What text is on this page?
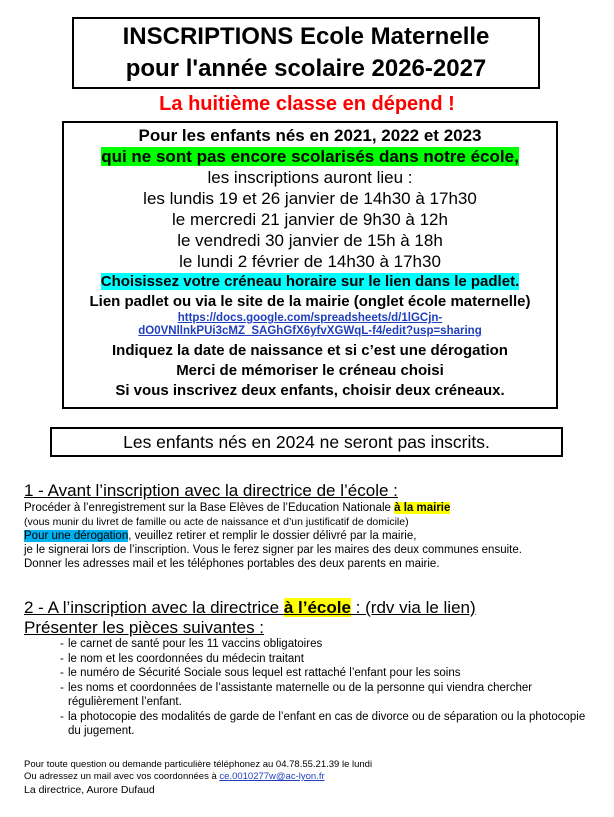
INSCRIPTIONS Ecole Maternelle
pour l'année scolaire 2026-2027
La huitième classe en dépend !
Pour les enfants nés en 2021, 2022 et 2023
qui ne sont pas encore scolarisés dans notre école,
les inscriptions auront lieu :
les lundis 19 et 26 janvier de 14h30 à 17h30
le mercredi 21 janvier de 9h30 à 12h
le vendredi 30 janvier de 15h à 18h
le lundi 2 février de 14h30 à 17h30
Choisissez votre créneau horaire sur le lien dans le padlet.
Lien padlet ou via le site de la mairie (onglet école maternelle)
https://docs.google.com/spreadsheets/d/1lGCjn-
dO0VNllnkPUi3cMZ_SAGhGfX6yfvXGWqL-f4/edit?usp=sharing
Indiquez la date de naissance et si c’est une dérogation
Merci de mémoriser le créneau choisi
Si vous inscrivez deux enfants, choisir deux créneaux.
Les enfants nés en 2024 ne seront pas inscrits.
1 - Avant l’inscription avec la directrice de l’école :
Procéder à l’enregistrement sur la Base Elèves de l’Education Nationale à la mairie
(vous munir du livret de famille ou acte de naissance et d’un justificatif de domicile)
Pour une dérogation, veuillez retirer et remplir le dossier délivré par la mairie,
je le signerai lors de l’inscription. Vous le ferez signer par les maires des deux communes ensuite.
Donner les adresses mail et les téléphones portables des deux parents en mairie.
2 - A l’inscription avec la directrice à l’école : (rdv via le lien)
Présenter les pièces suivantes :
- le carnet de santé pour les 11 vaccins obligatoires
- le nom et les coordonnées du médecin traitant
- le numéro de Sécurité Sociale sous lequel est rattaché l’enfant pour les soins
- les noms et coordonnées de l’assistante maternelle ou de la personne qui viendra chercher régulièrement l’enfant.
- la photocopie des modalités de garde de l’enfant en cas de divorce ou de séparation ou la photocopie du jugement.
Pour toute question ou demande particulière téléphonez au 04.78.55.21.39 le lundi
Ou adressez un mail avec vos coordonnées à ce.0010277w@ac-lyon.fr
La directrice, Aurore Dufaud
